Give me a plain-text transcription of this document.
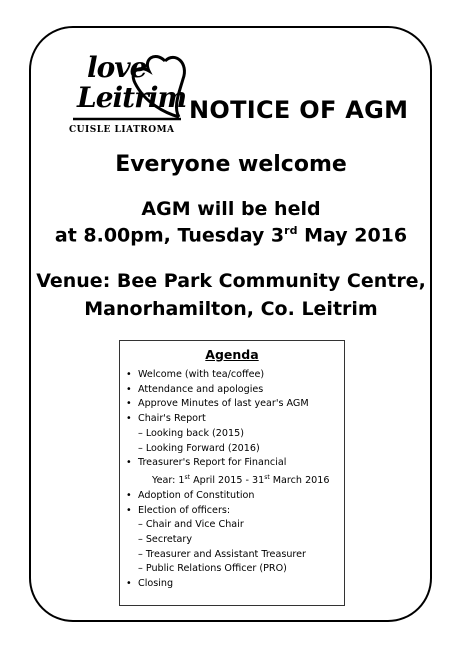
love
Leitrim
CUISLE LIATROMA
NOTICE OF AGM
Everyone welcome
AGM will be held
at 8.00pm, Tuesday 3rd May 2016
Venue: Bee Park Community Centre,
Manorhamilton, Co. Leitrim
Agenda
• Welcome (with tea/coffee)
• Attendance and apologies
• Approve Minutes of last year's AGM
• Chair's Report
– Looking back (2015)
– Looking Forward (2016)
• Treasurer's Report for Financial
Year: 1st April 2015 - 31st March 2016
• Adoption of Constitution
• Election of officers:
– Chair and Vice Chair
– Secretary
– Treasurer and Assistant Treasurer
– Public Relations Officer (PRO)
• Closing
